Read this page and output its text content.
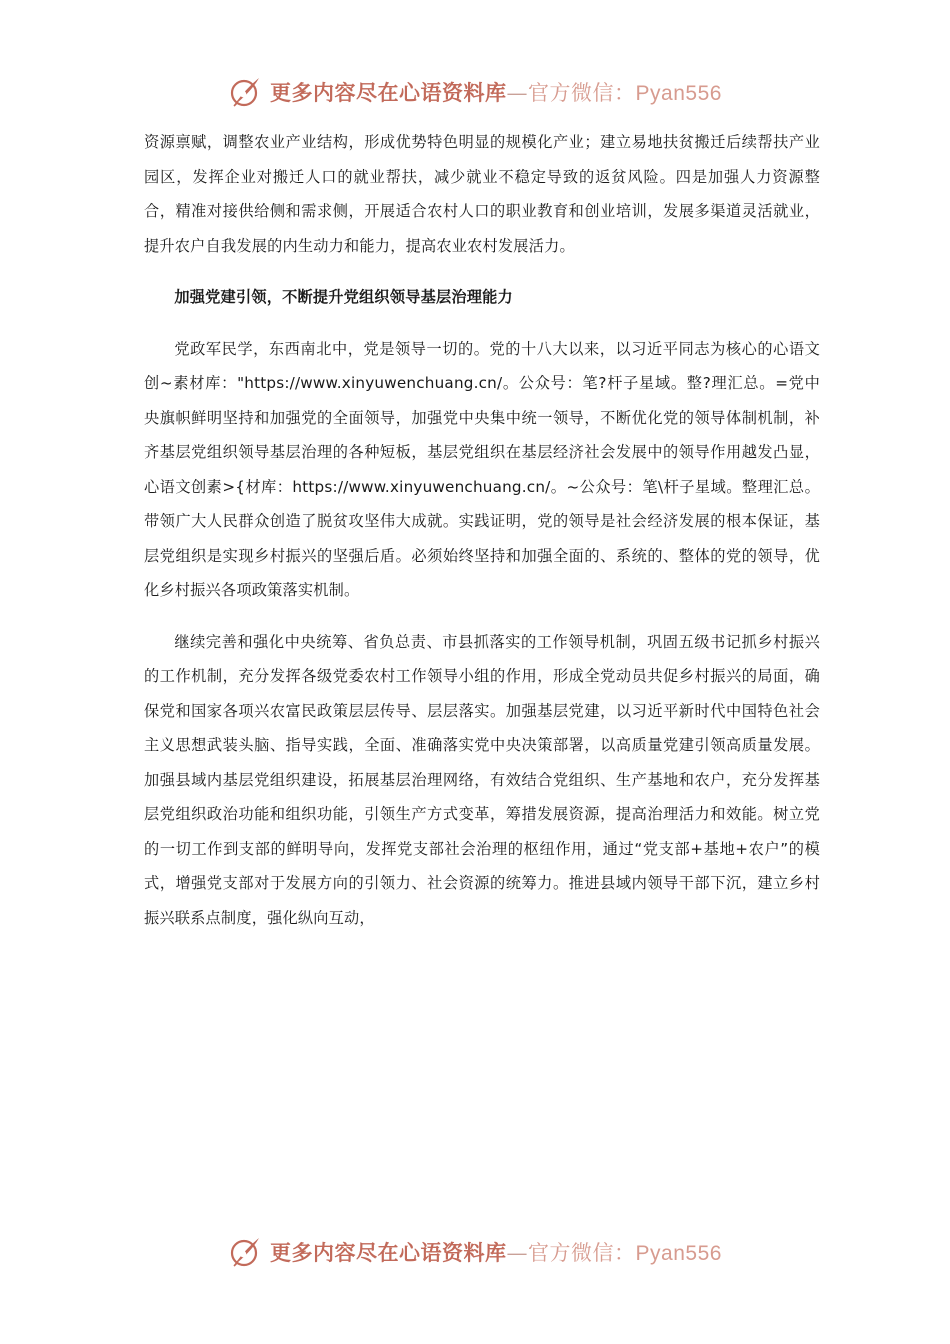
更多内容尽在心语资料库—官方微信：Pyan556

资源禀赋，调整农业产业结构，形成优势特色明显的规模化产业；建立易地扶贫搬迁后续帮扶产业园区，发挥企业对搬迁人口的就业帮扶，减少就业不稳定导致的返贫风险。四是加强人力资源整合，精准对接供给侧和需求侧，开展适合农村人口的职业教育和创业培训，发展多渠道灵活就业，提升农户自我发展的内生动力和能力，提高农业农村发展活力。

加强党建引领，不断提升党组织领导基层治理能力

党政军民学，东西南北中，党是领导一切的。党的十八大以来，以习近平同志为核心的心语文创~素材库："https://www.xinyuwenchuang.cn/。公众号：笔?杆子星域。整?理汇总。=党中央旗帜鲜明坚持和加强党的全面领导，加强党中央集中统一领导，不断优化党的领导体制机制，补齐基层党组织领导基层治理的各种短板，基层党组织在基层经济社会发展中的领导作用越发凸显，心语文创素>{材库：https://www.xinyuwenchuang.cn/。~公众号：笔\杆子星域。整理汇总。带领广大人民群众创造了脱贫攻坚伟大成就。实践证明，党的领导是社会经济发展的根本保证，基层党组织是实现乡村振兴的坚强后盾。必须始终坚持和加强全面的、系统的、整体的党的领导，优化乡村振兴各项政策落实机制。

继续完善和强化中央统筹、省负总责、市县抓落实的工作领导机制，巩固五级书记抓乡村振兴的工作机制，充分发挥各级党委农村工作领导小组的作用，形成全党动员共促乡村振兴的局面，确保党和国家各项兴农富民政策层层传导、层层落实。加强基层党建，以习近平新时代中国特色社会主义思想武装头脑、指导实践，全面、准确落实党中央决策部署，以高质量党建引领高质量发展。加强县域内基层党组织建设，拓展基层治理网络，有效结合党组织、生产基地和农户，充分发挥基层党组织政治功能和组织功能，引领生产方式变革，筹措发展资源，提高治理活力和效能。树立党的一切工作到支部的鲜明导向，发挥党支部社会治理的枢纽作用，通过“党支部+基地+农户”的模式，增强党支部对于发展方向的引领力、社会资源的统筹力。推进县域内领导干部下沉，建立乡村振兴联系点制度，强化纵向互动，

更多内容尽在心语资料库—官方微信：Pyan556
